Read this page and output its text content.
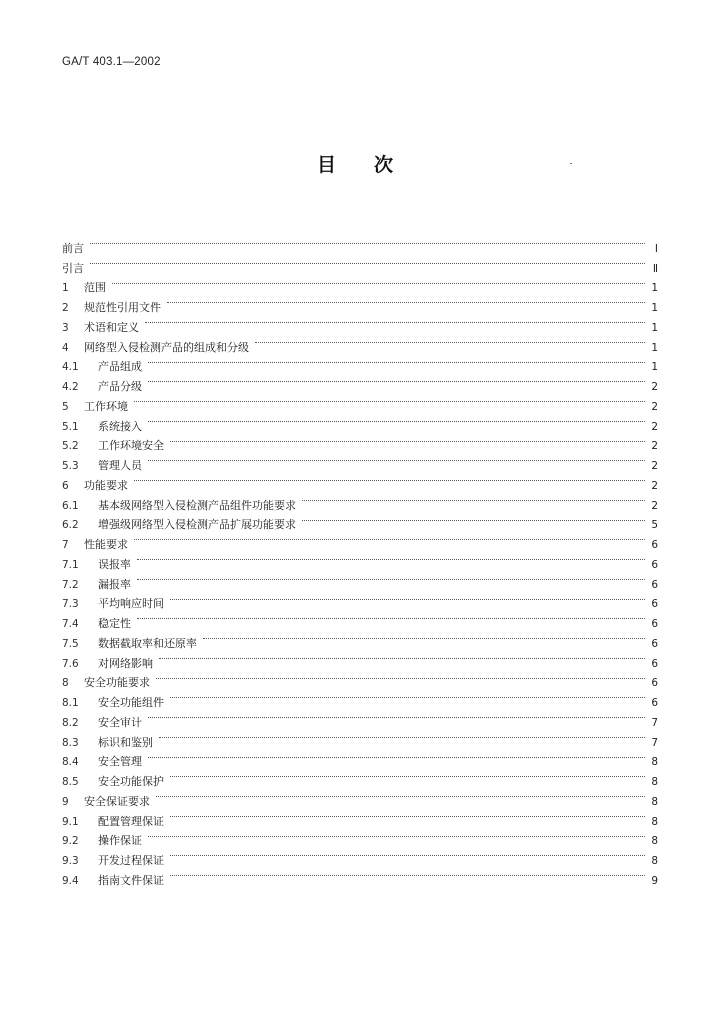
GA/T 403.1—2002
目次
前言	Ⅰ
引言	Ⅱ
1	范围	1
2	规范性引用文件	1
3	术语和定义	1
4	网络型入侵检测产品的组成和分级	1
4.1	产品组成	1
4.2	产品分级	2
5	工作环境	2
5.1	系统接入	2
5.2	工作环境安全	2
5.3	管理人员	2
6	功能要求	2
6.1	基本级网络型入侵检测产品组件功能要求	2
6.2	增强级网络型入侵检测产品扩展功能要求	5
7	性能要求	6
7.1	误报率	6
7.2	漏报率	6
7.3	平均响应时间	6
7.4	稳定性	6
7.5	数据截取率和还原率	6
7.6	对网络影响	6
8	安全功能要求	6
8.1	安全功能组件	6
8.2	安全审计	7
8.3	标识和鉴别	7
8.4	安全管理	8
8.5	安全功能保护	8
9	安全保证要求	8
9.1	配置管理保证	8
9.2	操作保证	8
9.3	开发过程保证	8
9.4	指南文件保证	9
